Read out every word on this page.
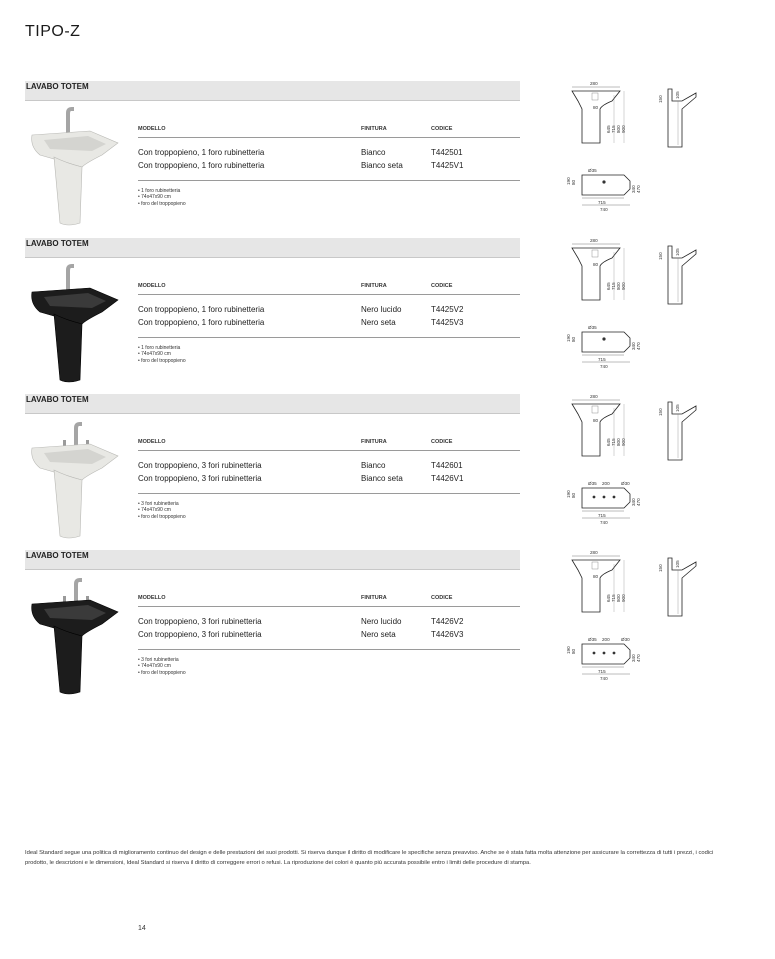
TIPO-Z
LAVABO TOTEM
MODELLO	FINITURA	CODICE
Con troppopieno, 1 foro rubinetteria	Bianco	T442501
Con troppopieno, 1 foro rubinetteria	Bianco seta	T4425V1
• 1 foro rubinetteria
• 74x47x90 cm
• foro del troppopieno
280
80
645 715 800 900
150
105
Ø35
190 80
340 470
715
740
LAVABO TOTEM
MODELLO	FINITURA	CODICE
Con troppopieno, 1 foro rubinetteria	Nero lucido	T4425V2
Con troppopieno, 1 foro rubinetteria	Nero seta	T4425V3
• 1 foro rubinetteria
• 74x47x90 cm
• foro del troppopieno
280
80
645 715 800 900
150
105
Ø35
190 80
340 470
715
740
LAVABO TOTEM
MODELLO	FINITURA	CODICE
Con troppopieno, 3 fori rubinetteria	Bianco	T442601
Con troppopieno, 3 fori rubinetteria	Bianco seta	T4426V1
• 3 fori rubinetteria
• 74x47x90 cm
• foro del troppopieno
280
80
645 715 800 900
150
105
Ø35 200 Ø30
190 80
340 470
715
740
LAVABO TOTEM
MODELLO	FINITURA	CODICE
Con troppopieno, 3 fori rubinetteria	Nero lucido	T4426V2
Con troppopieno, 3 fori rubinetteria	Nero seta	T4426V3
• 3 fori rubinetteria
• 74x47x90 cm
• foro del troppopieno
280
80
645 715 800 900
150
105
Ø35 200 Ø30
190 80
340 470
715
740
Ideal Standard segue una politica di miglioramento continuo del design e delle prestazioni dei suoi prodotti. Si riserva dunque il diritto di modificare le specifiche senza preavviso. Anche se è stata fatta molta attenzione per assicurare la correttezza di tutti i prezzi, i codici prodotto, le descrizioni e le dimensioni, Ideal Standard si riserva il diritto di correggere errori o refusi. La riproduzione dei colori è quanto più accurata possibile entro i limiti delle procedure di stampa.
14
